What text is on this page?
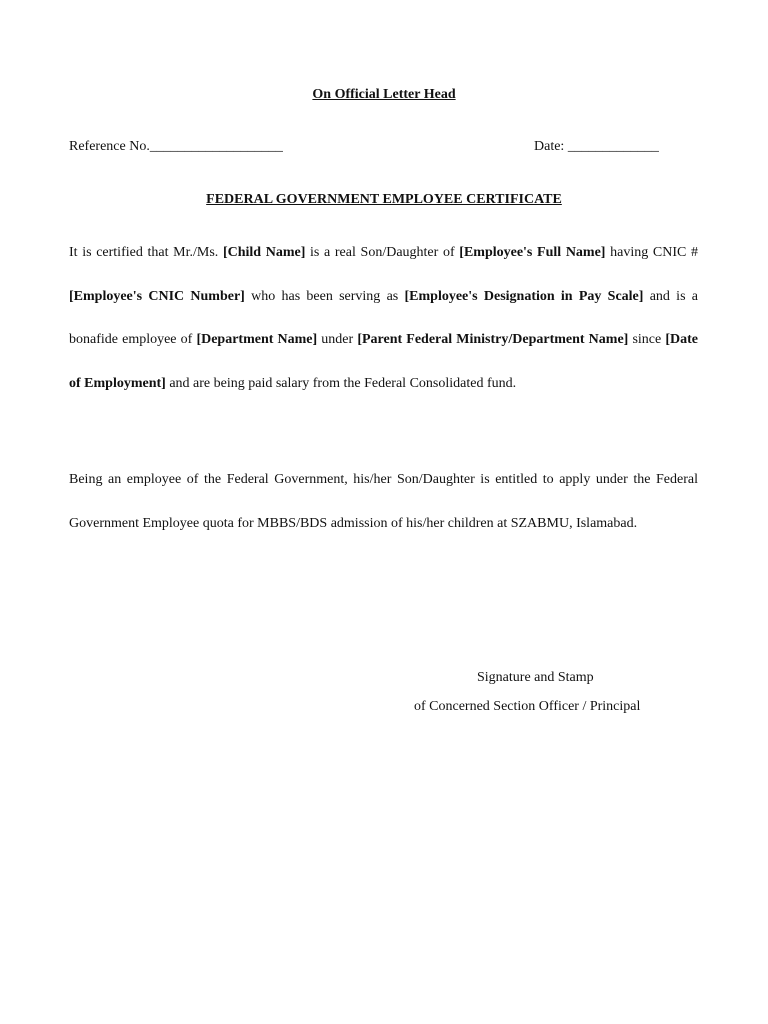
On Official Letter Head
Reference No.___________________	Date: _____________
FEDERAL GOVERNMENT EMPLOYEE CERTIFICATE

It is certified that Mr./Ms. [Child Name] is a real Son/Daughter of [Employee's Full Name] having CNIC # [Employee's CNIC Number] who has been serving as [Employee's Designation in Pay Scale] and is a bonafide employee of [Department Name] under [Parent Federal Ministry/Department Name] since [Date of Employment] and are being paid salary from the Federal Consolidated fund.

Being an employee of the Federal Government, his/her Son/Daughter is entitled to apply under the Federal Government Employee quota for MBBS/BDS admission of his/her children at SZABMU, Islamabad.

Signature and Stamp
of Concerned Section Officer / Principal
